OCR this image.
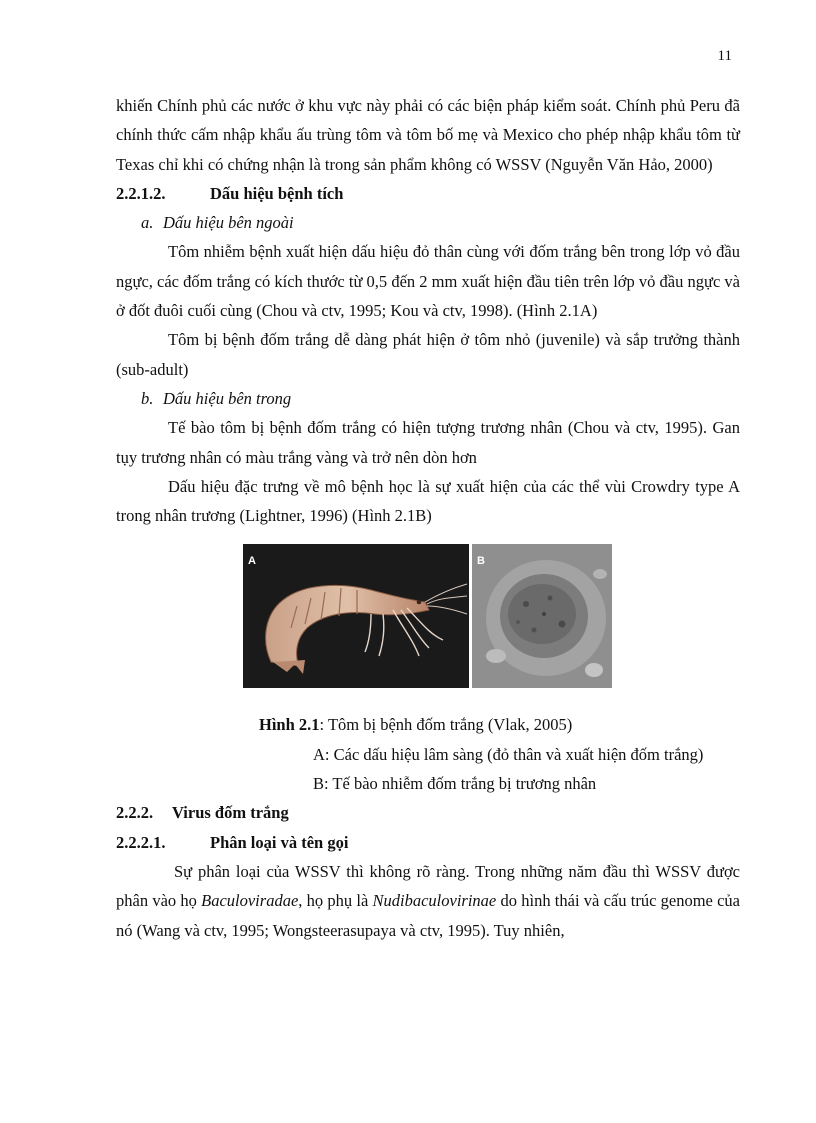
11

khiến Chính phủ các nước ở khu vực này phải có các biện pháp kiểm soát. Chính phủ Peru đã chính thức cấm nhập khẩu ấu trùng tôm và tôm bố mẹ và Mexico cho phép nhập khẩu tôm từ Texas chỉ khi có chứng nhận là trong sản phẩm không có WSSV (Nguyễn Văn Hảo, 2000)

2.2.1.2.	Dấu hiệu bệnh tích
a. Dấu hiệu bên ngoài

Tôm nhiễm bệnh xuất hiện dấu hiệu đỏ thân cùng với đốm trắng bên trong lớp vỏ đầu ngực, các đốm trắng có kích thước từ 0,5 đến 2 mm xuất hiện đầu tiên trên lớp vỏ đầu ngực và ở đốt đuôi cuối cùng (Chou và ctv, 1995; Kou và ctv, 1998). (Hình 2.1A)

Tôm bị bệnh đốm trắng dễ dàng phát hiện ở tôm nhỏ (juvenile) và sắp trưởng thành (sub-adult)

b. Dấu hiệu bên trong

Tế bào tôm bị bệnh đốm trắng có hiện tượng trương nhân (Chou và ctv, 1995). Gan tụy trương nhân có màu trắng vàng và trở nên dòn hơn

Dấu hiệu đặc trưng về mô bệnh học là sự xuất hiện của các thể vùi Crowdry type A trong nhân trương (Lightner, 1996) (Hình 2.1B)

A	B

Hình 2.1: Tôm bị bệnh đốm trắng (Vlak, 2005)

A: Các dấu hiệu lâm sàng (đỏ thân và xuất hiện đốm trắng)

B: Tế bào nhiễm đốm trắng bị trương nhân

2.2.2. Virus đốm trắng
2.2.2.1.	Phân loại và tên gọi

Sự phân loại của WSSV thì không rõ ràng. Trong những năm đầu thì WSSV được phân vào họ Baculoviradae, họ phụ là Nudibaculovirinae do hình thái và cấu trúc genome của nó (Wang và ctv, 1995; Wongsteerasupaya và ctv, 1995). Tuy nhiên,
